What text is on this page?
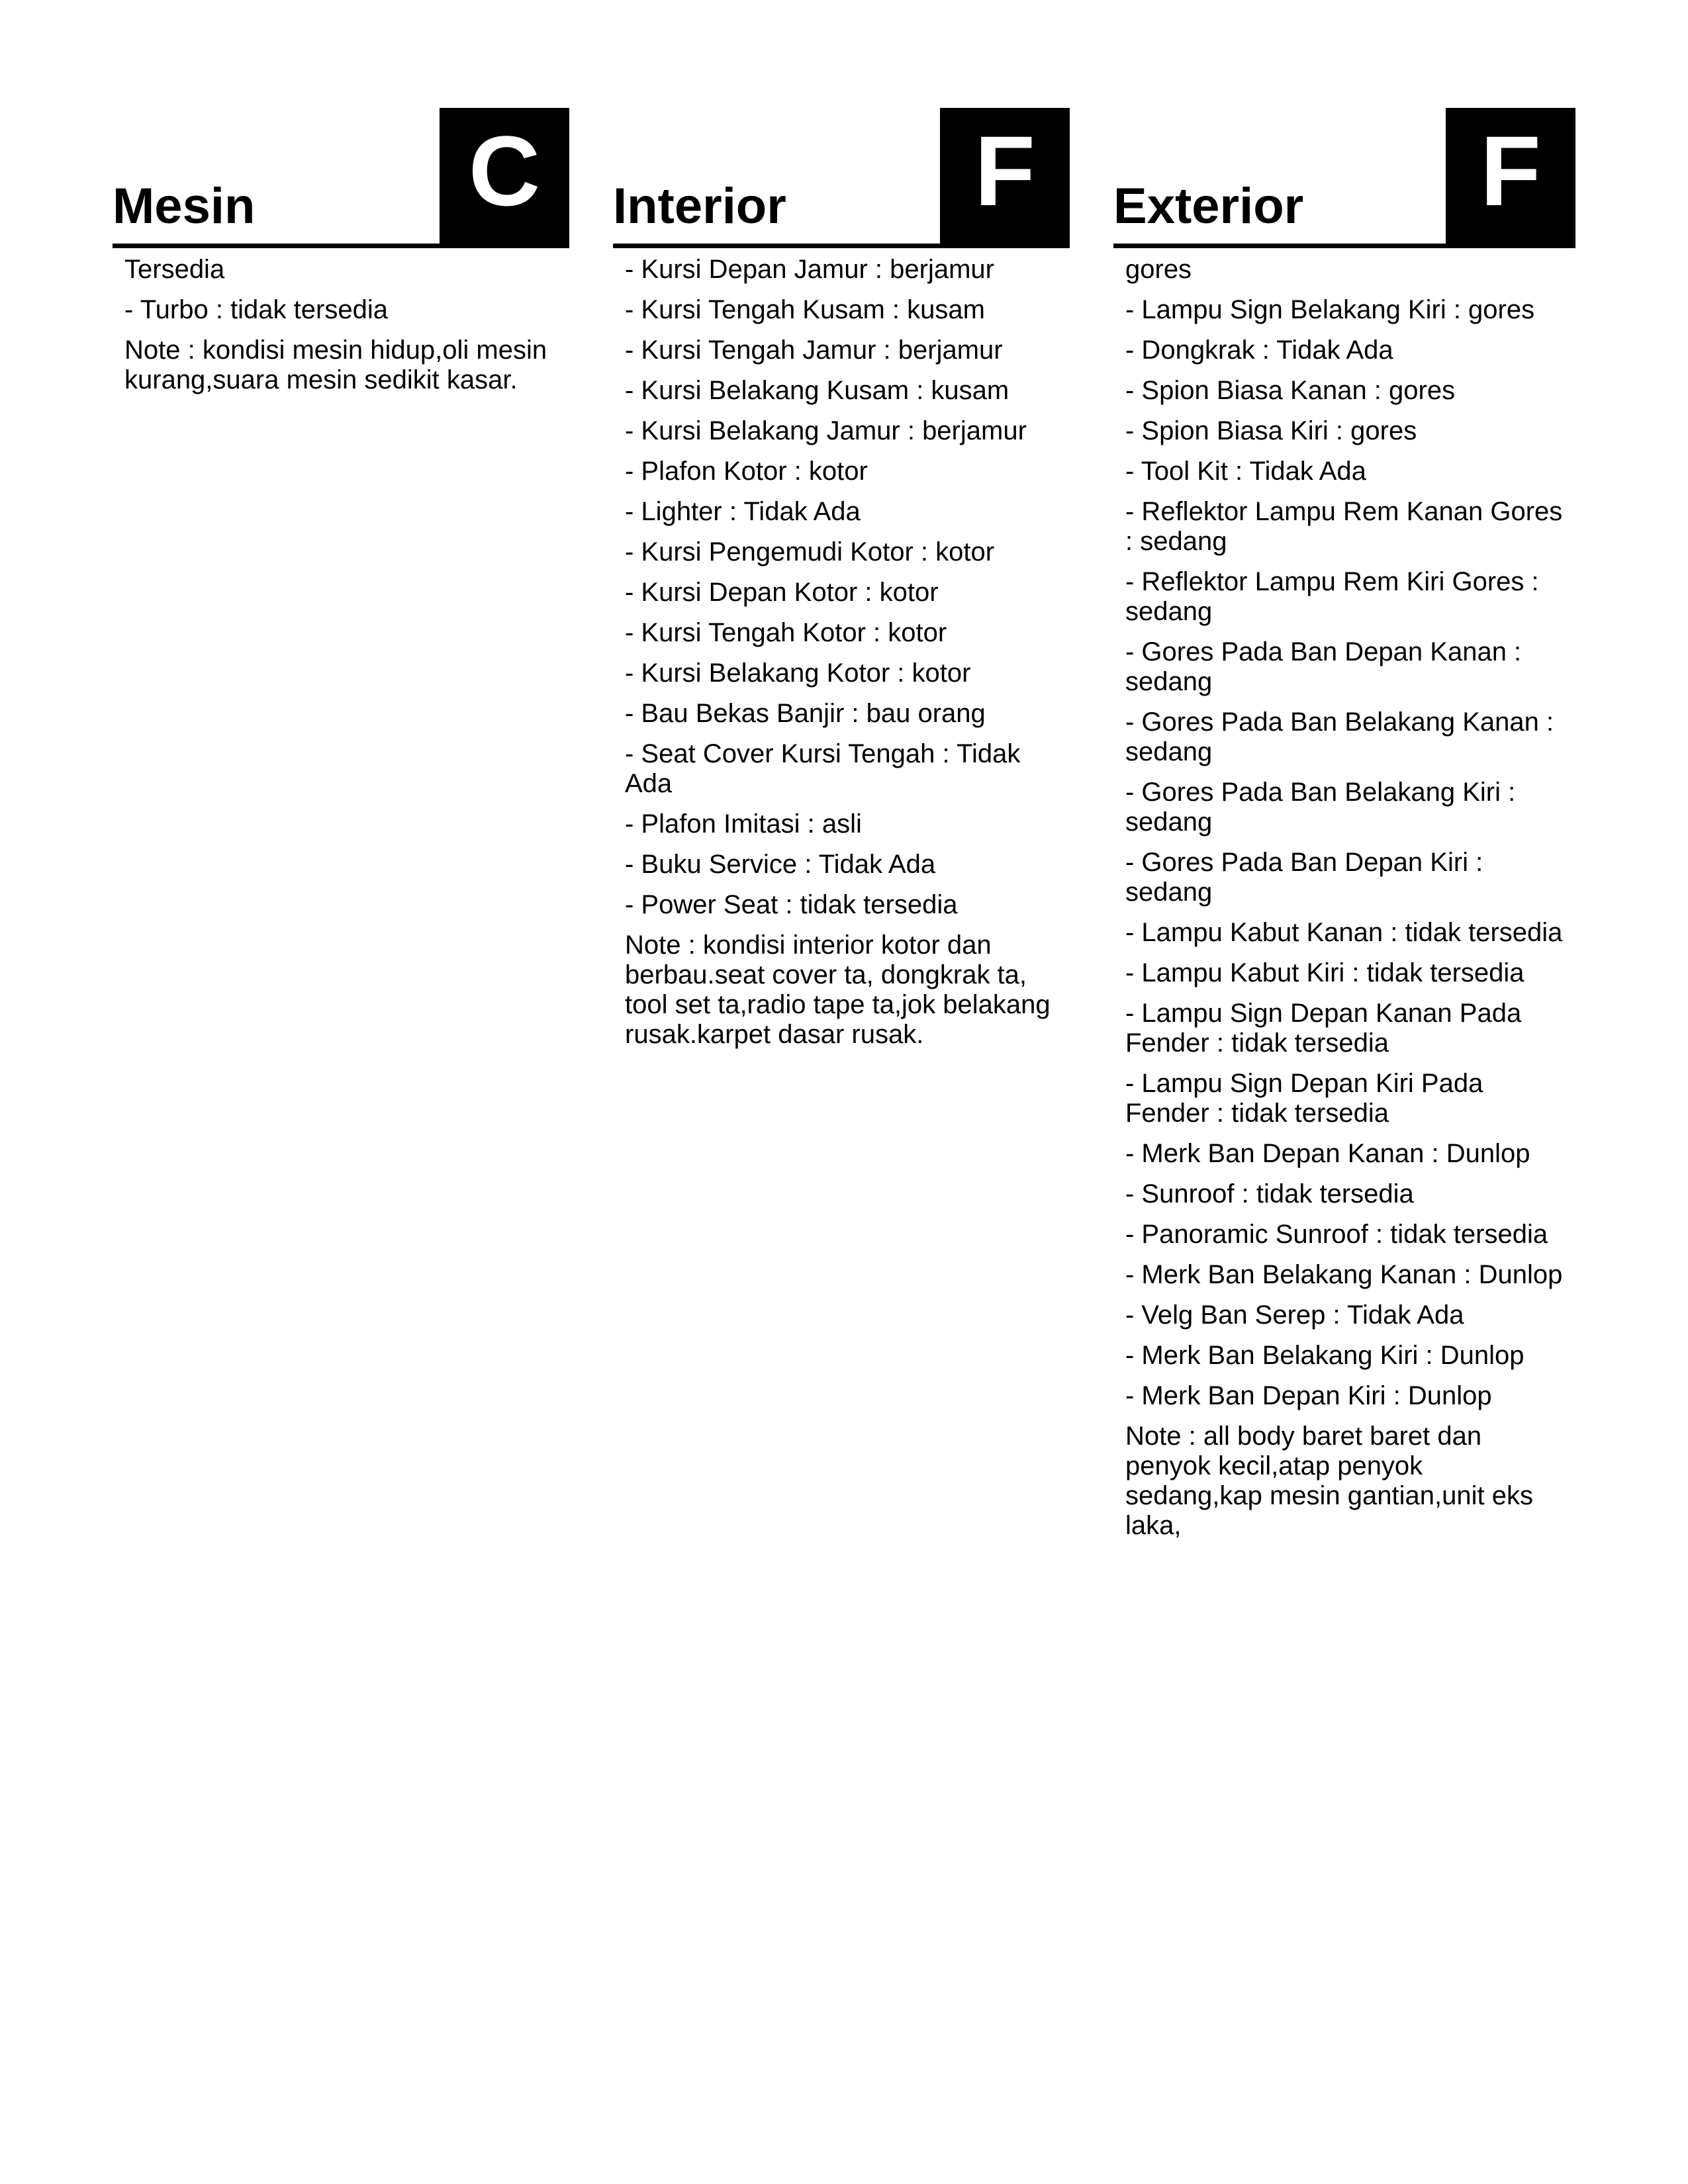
Mesin C
Tersedia
- Turbo : tidak tersedia
Note : kondisi mesin hidup,oli mesin kurang,suara mesin sedikit kasar.
Interior	F
- Kursi Depan Jamur : berjamur
- Kursi Tengah Kusam : kusam
- Kursi Tengah Jamur : berjamur
- Kursi Belakang Kusam : kusam
- Kursi Belakang Jamur : berjamur
- Plafon Kotor : kotor
- Lighter : Tidak Ada
- Kursi Pengemudi Kotor : kotor
- Kursi Depan Kotor : kotor
- Kursi Tengah Kotor : kotor
- Kursi Belakang Kotor : kotor
- Bau Bekas Banjir : bau orang
- Seat Cover Kursi Tengah : Tidak Ada
- Plafon Imitasi : asli
- Buku Service : Tidak Ada
- Power Seat : tidak tersedia
Note : kondisi interior kotor dan berbau.seat cover ta, dongkrak ta, tool set ta,radio tape ta,jok belakang rusak.karpet dasar rusak.
Exterior	F
gores
- Lampu Sign Belakang Kiri : gores
- Dongkrak : Tidak Ada
- Spion Biasa Kanan : gores
- Spion Biasa Kiri : gores
- Tool Kit : Tidak Ada
- Reflektor Lampu Rem Kanan Gores : sedang
- Reflektor Lampu Rem Kiri Gores : sedang
- Gores Pada Ban Depan Kanan : sedang
- Gores Pada Ban Belakang Kanan : sedang
- Gores Pada Ban Belakang Kiri : sedang
- Gores Pada Ban Depan Kiri : sedang
- Lampu Kabut Kanan : tidak tersedia
- Lampu Kabut Kiri : tidak tersedia
- Lampu Sign Depan Kanan Pada Fender : tidak tersedia
- Lampu Sign Depan Kiri Pada Fender : tidak tersedia
- Merk Ban Depan Kanan : Dunlop
- Sunroof : tidak tersedia
- Panoramic Sunroof : tidak tersedia
- Merk Ban Belakang Kanan : Dunlop
- Velg Ban Serep : Tidak Ada
- Merk Ban Belakang Kiri : Dunlop
- Merk Ban Depan Kiri : Dunlop
Note : all body baret baret dan penyok kecil,atap penyok sedang,kap mesin gantian,unit eks laka,
